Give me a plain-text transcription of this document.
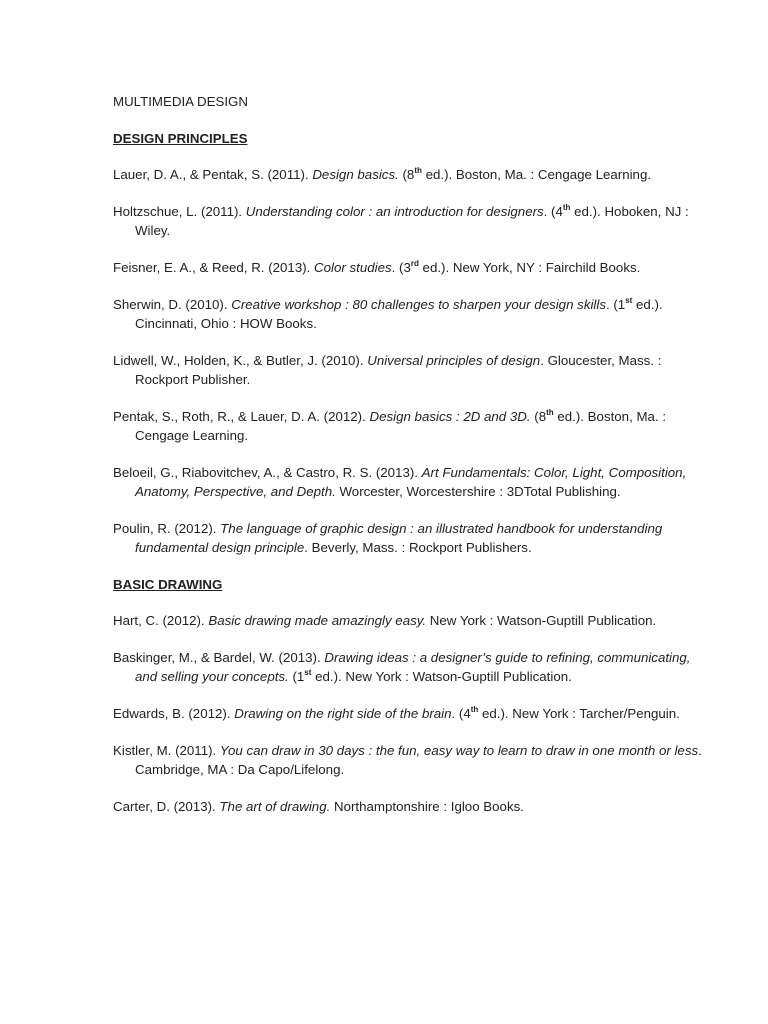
MULTIMEDIA DESIGN
DESIGN PRINCIPLES

Lauer, D. A., & Pentak, S. (2011). Design basics. (8th ed.). Boston, Ma. : Cengage Learning.

Holtzschue, L. (2011). Understanding color : an introduction for designers. (4th ed.). Hoboken, NJ : Wiley.

Feisner, E. A., & Reed, R. (2013). Color studies. (3rd ed.). New York, NY : Fairchild Books.

Sherwin, D. (2010). Creative workshop : 80 challenges to sharpen your design skills. (1st ed.). Cincinnati, Ohio : HOW Books.

Lidwell, W., Holden, K., & Butler, J. (2010). Universal principles of design. Gloucester, Mass. : Rockport Publisher.

Pentak, S., Roth, R., & Lauer, D. A. (2012). Design basics : 2D and 3D. (8th ed.). Boston, Ma. : Cengage Learning.

Beloeil, G., Riabovitchev, A., & Castro, R. S. (2013). Art Fundamentals: Color, Light, Composition, Anatomy, Perspective, and Depth. Worcester, Worcestershire : 3DTotal Publishing.

Poulin, R. (2012). The language of graphic design : an illustrated handbook for understanding fundamental design principle. Beverly, Mass. : Rockport Publishers.

BASIC DRAWING

Hart, C. (2012). Basic drawing made amazingly easy. New York : Watson-Guptill Publication.

Baskinger, M., & Bardel, W. (2013). Drawing ideas : a designer’s guide to refining, communicating, and selling your concepts. (1st ed.). New York : Watson-Guptill Publication.

Edwards, B. (2012). Drawing on the right side of the brain. (4th ed.). New York : Tarcher/Penguin.

Kistler, M. (2011). You can draw in 30 days : the fun, easy way to learn to draw in one month or less. Cambridge, MA : Da Capo/Lifelong.

Carter, D. (2013). The art of drawing. Northamptonshire : Igloo Books.
